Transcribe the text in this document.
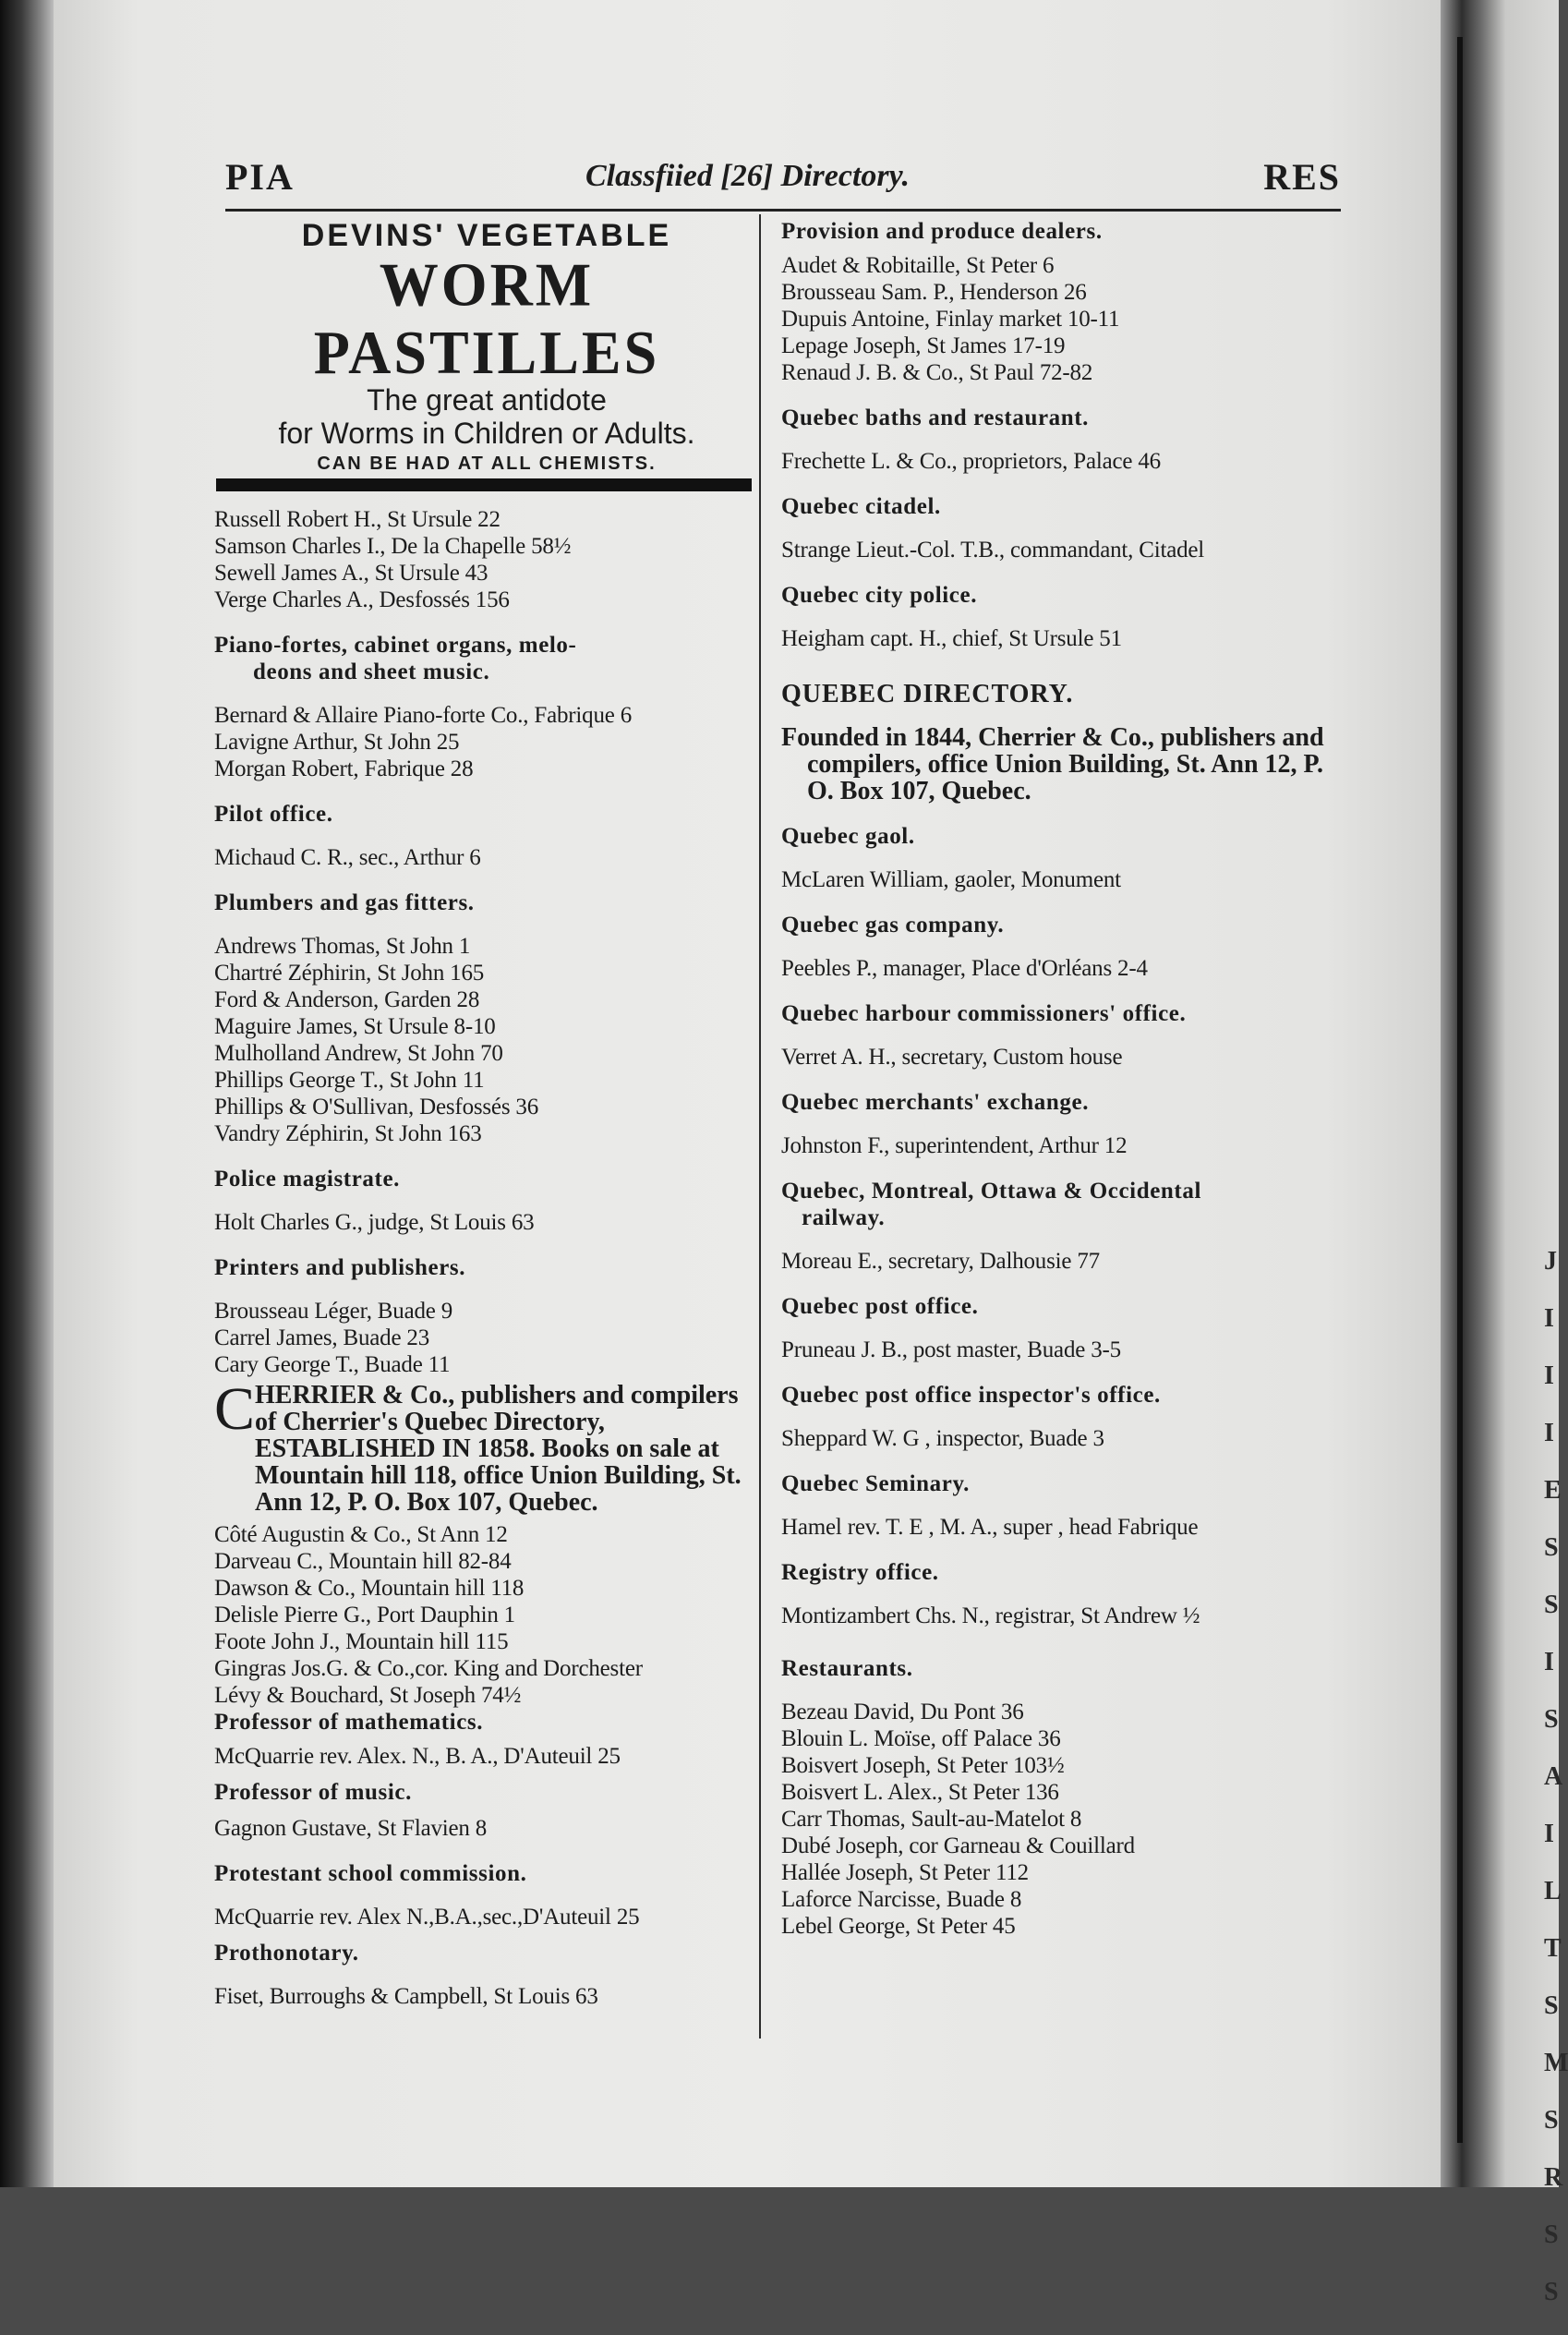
PIA	Classfiied [26] Directory.	RES
DEVINS' VEGETABLE
WORM PASTILLES
The great antidote
for Worms in Children or Adults.
CAN BE HAD AT ALL CHEMISTS.
Russell Robert H., St Ursule 22
Samson Charles I., De la Chapelle 58½
Sewell James A., St Ursule 43
Verge Charles A., Desfossés 156
Piano-fortes, cabinet organs, melo-
deons and sheet music.
Bernard & Allaire Piano-forte Co., Fabrique 6
Lavigne Arthur, St John 25
Morgan Robert, Fabrique 28
Pilot office.
Michaud C. R., sec., Arthur 6
Plumbers and gas fitters.
Andrews Thomas, St John 1
Chartré Zéphirin, St John 165
Ford & Anderson, Garden 28
Maguire James, St Ursule 8-10
Mulholland Andrew, St John 70
Phillips George T., St John 11
Phillips & O'Sullivan, Desfossés 36
Vandry Zéphirin, St John 163
Police magistrate.
Holt Charles G., judge, St Louis 63
Printers and publishers.
Brousseau Léger, Buade 9
Carrel James, Buade 23
Cary George T., Buade 11
C HERRIER & Co., publishers and compilers of Cherrier's Quebec Directory, ESTABLISHED IN 1858. Books on sale at Mountain hill 118, office Union Building, St. Ann 12, P. O. Box 107, Quebec.
Côté Augustin & Co., St Ann 12
Darveau C., Mountain hill 82-84
Dawson & Co., Mountain hill 118
Delisle Pierre G., Port Dauphin 1
Foote John J., Mountain hill 115
Gingras Jos.G. & Co.,cor. King and Dorchester
Lévy & Bouchard, St Joseph 74½
Professor of mathematics.
McQuarrie rev. Alex. N., B. A., D'Auteuil 25
Professor of music.
Gagnon Gustave, St Flavien 8
Protestant school commission.
McQuarrie rev. Alex N.,B.A.,sec.,D'Auteuil 25
Prothonotary.
Fiset, Burroughs & Campbell, St Louis 63
Provision and produce dealers.
Audet & Robitaille, St Peter 6
Brousseau Sam. P., Henderson 26
Dupuis Antoine, Finlay market 10-11
Lepage Joseph, St James 17-19
Renaud J. B. & Co., St Paul 72-82
Quebec baths and restaurant.
Frechette L. & Co., proprietors, Palace 46
Quebec citadel.
Strange Lieut.-Col. T.B., commandant, Citadel
Quebec city police.
Heigham capt. H., chief, St Ursule 51
QUEBEC DIRECTORY.
Founded in 1844, Cherrier & Co., publishers and compilers, office Union Building, St. Ann 12, P. O. Box 107, Quebec.
Quebec gaol.
McLaren William, gaoler, Monument
Quebec gas company.
Peebles P., manager, Place d'Orléans 2-4
Quebec harbour commissioners' office.
Verret A. H., secretary, Custom house
Quebec merchants' exchange.
Johnston F., superintendent, Arthur 12
Quebec, Montreal, Ottawa & Occidental
railway.
Moreau E., secretary, Dalhousie 77
Quebec post office.
Pruneau J. B., post master, Buade 3-5
Quebec post office inspector's office.
Sheppard W. G , inspector, Buade 3
Quebec Seminary.
Hamel rev. T. E , M. A., super , head Fabrique
Registry office.
Montizambert Chs. N., registrar, St Andrew ½
Restaurants.
Bezeau David, Du Pont 36
Blouin L. Moïse, off Palace 36
Boisvert Joseph, St Peter 103½
Boisvert L. Alex., St Peter 136
Carr Thomas, Sault-au-Matelot 8
Dubé Joseph, cor Garneau & Couillard
Hallée Joseph, St Peter 112
Laforce Narcisse, Buade 8
Lebel George, St Peter 45
J
I
I
I
E
S
S
I
S
A
I
L
T
S
M
S
R
S
S
